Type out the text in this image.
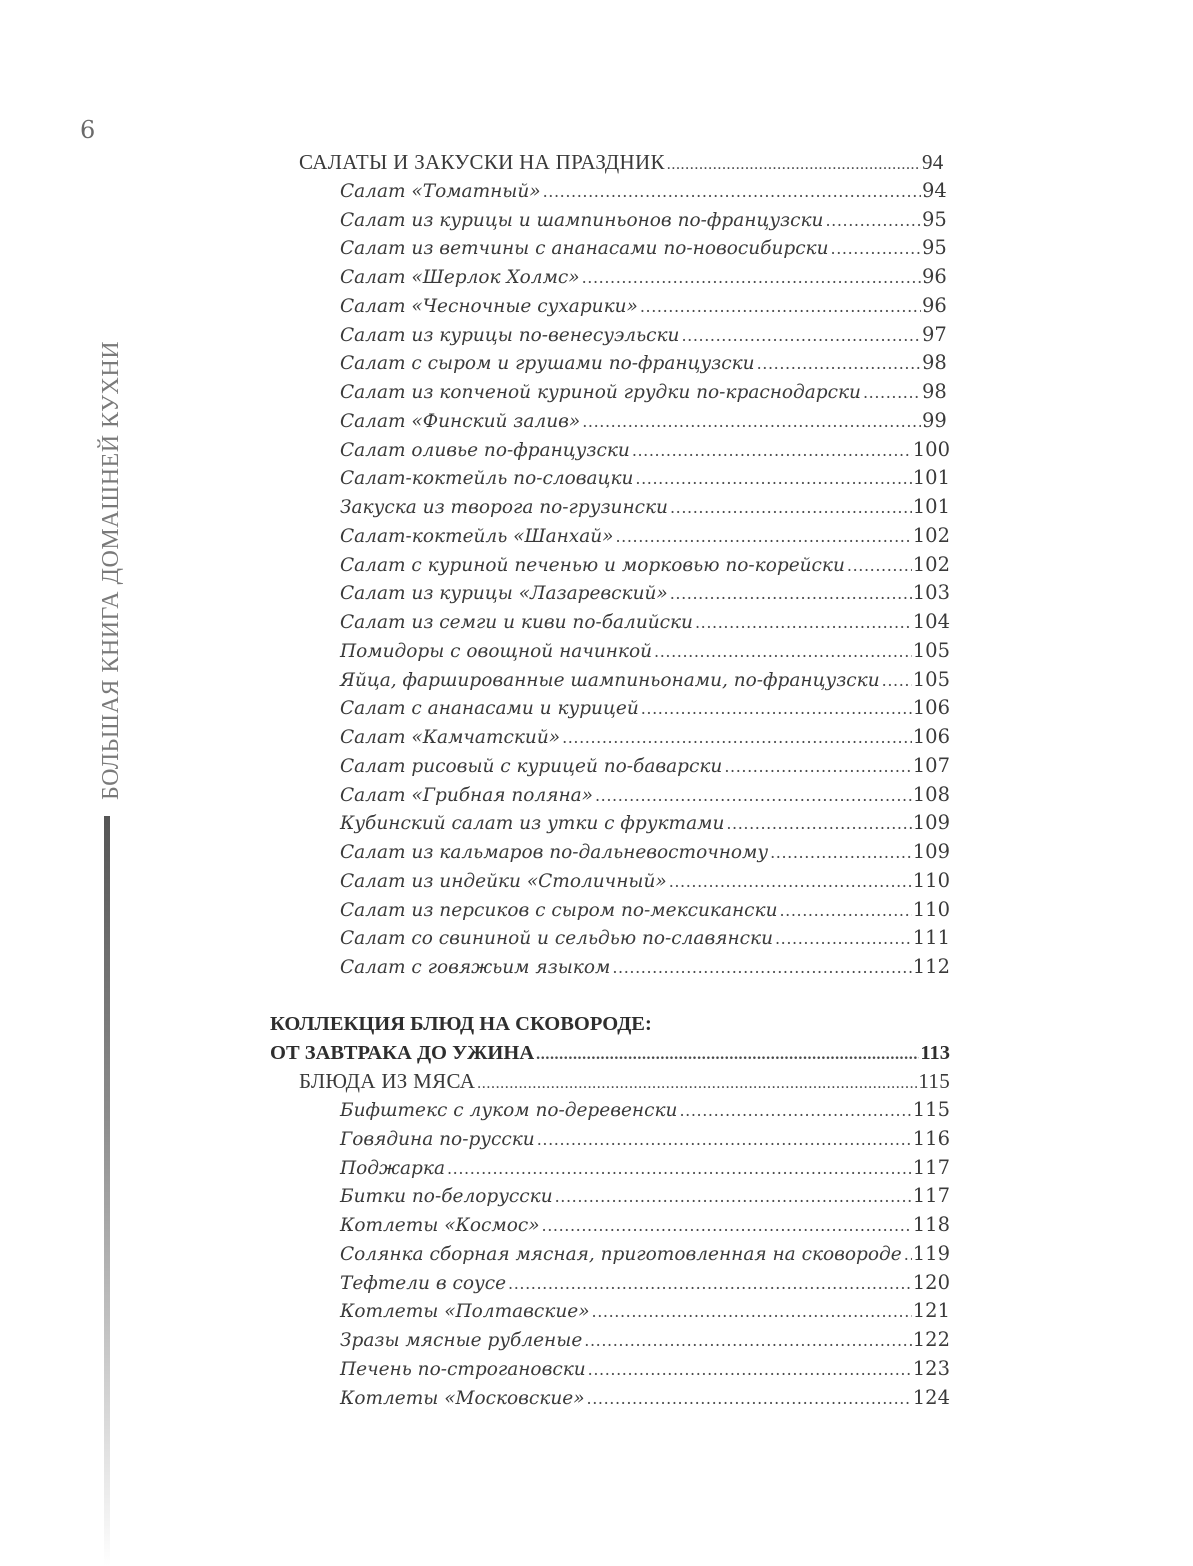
6
БОЛЬШАЯ КНИГА ДОМАШНЕЙ КУХНИ
САЛАТЫ И ЗАКУСКИ НА ПРАЗДНИК .....	94
Салат «Томатный» .....	94
Салат из курицы и шампиньонов по-французски .....	95
Салат из ветчины с ананасами по-новосибирски .....	95
Салат «Шерлок Холмс» .....	96
Салат «Чесночные сухарики» .....	96
Салат из курицы по-венесуэльски .....	97
Салат с сыром и грушами по-французски .....	98
Салат из копченой куриной грудки по-краснодарски .....	98
Салат «Финский залив» .....	99
Салат оливье по-французски .....	100
Салат-коктейль по-словацки .....	101
Закуска из творога по-грузински .....	101
Салат-коктейль «Шанхай» .....	102
Салат с куриной печенью и морковью по-корейски .....	102
Салат из курицы «Лазаревский» .....	103
Салат из семги и киви по-балийски .....	104
Помидоры с овощной начинкой .....	105
Яйца, фаршированные шампиньонами, по-французски ..... 105
Салат с ананасами и курицей .....	106
Салат «Камчатский» .....	106
Салат рисовый с курицей по-баварски .....	107
Салат «Грибная поляна» .....	108
Кубинский салат из утки с фруктами .....	109
Салат из кальмаров по-дальневосточному .....	109
Салат из индейки «Столичный» .....	110
Салат из персиков с сыром по-мексикански .....	110
Салат со свининой и сельдью по-славянски .....	111
Салат с говяжьим языком .....	112
КОЛЛЕКЦИЯ БЛЮД НА СКОВОРОДЕ:
ОТ ЗАВТРАКА ДО УЖИНА .....	113
БЛЮДА ИЗ МЯСА .....	115
Бифштекс с луком по-деревенски .....	115
Говядина по-русски .....	116
Поджарка .....	117
Битки по-белорусски .....	117
Котлеты «Космос» .....	118
Солянка сборная мясная, приготовленная на сковороде ..... 119
Тефтели в соусе .....	120
Котлеты «Полтавские» .....	121
Зразы мясные рубленые .....	122
Печень по-строгановски .....	123
Котлеты «Московские» .....	124
